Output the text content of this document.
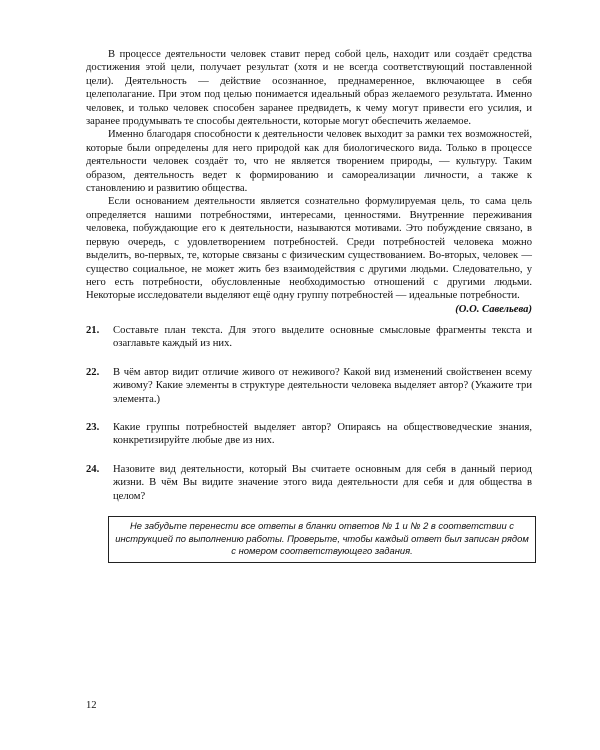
В процессе деятельности человек ставит перед собой цель, находит или создаёт средства достижения этой цели, получает результат (хотя и не всегда соответствующий поставленной цели). Деятельность — действие осознанное, преднамеренное, включающее в себя целеполагание. При этом под целью понимается идеальный образ желаемого результата. Именно человек, и только человек способен заранее предвидеть, к чему могут привести его усилия, и заранее продумывать те способы деятельности, которые могут обеспечить желаемое.

Именно благодаря способности к деятельности человек выходит за рамки тех возможностей, которые были определены для него природой как для биологического вида. Только в процессе деятельности человек создаёт то, что не является творением природы, — культуру. Таким образом, деятельность ведет к формированию и самореализации личности, а также к становлению и развитию общества.

Если основанием деятельности является сознательно формулируемая цель, то сама цель определяется нашими потребностями, интересами, ценностями. Внутренние переживания человека, побуждающие его к деятельности, называются мотивами. Это побуждение связано, в первую очередь, с удовлетворением потребностей. Среди потребностей человека можно выделить, во-первых, те, которые связаны с физическим существованием. Во-вторых, человек — существо социальное, не может жить без взаимодействия с другими людьми. Следовательно, у него есть потребности, обусловленные необходимостью отношений с другими людьми. Некоторые исследователи выделяют ещё одну группу потребностей — идеальные потребности.

(О.О. Савельева)

21. Составьте план текста. Для этого выделите основные смысловые фрагменты текста и озаглавьте каждый из них.
22. В чём автор видит отличие живого от неживого? Какой вид изменений свойственен всему живому? Какие элементы в структуре деятельности человека выделяет автор? (Укажите три элемента.)
23. Какие группы потребностей выделяет автор? Опираясь на обществоведческие знания, конкретизируйте любые две из них.
24. Назовите вид деятельности, который Вы считаете основным для себя в данный период жизни. В чём Вы видите значение этого вида деятельности для себя и для общества в целом?
Не забудьте перенести все ответы в бланки ответов № 1 и № 2 в соответствии с инструкцией по выполнению работы. Проверьте, чтобы каждый ответ был записан рядом с номером соответствующего задания.
12
